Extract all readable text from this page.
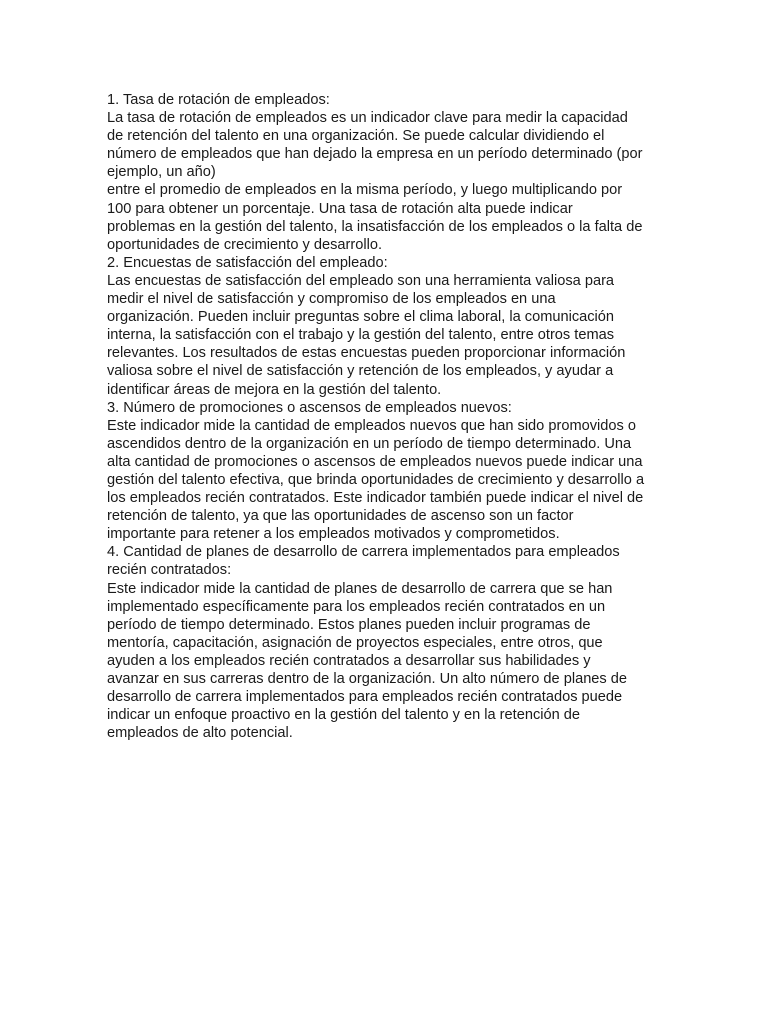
1. Tasa de rotación de empleados:
La tasa de rotación de empleados es un indicador clave para medir la capacidad
de retención del talento en una organización. Se puede calcular dividiendo el
número de empleados que han dejado la empresa en un período determinado (por
ejemplo, un año)
entre el promedio de empleados en la misma período, y luego multiplicando por
100 para obtener un porcentaje. Una tasa de rotación alta puede indicar
problemas en la gestión del talento, la insatisfacción de los empleados o la falta de
oportunidades de crecimiento y desarrollo.
2. Encuestas de satisfacción del empleado:
Las encuestas de satisfacción del empleado son una herramienta valiosa para
medir el nivel de satisfacción y compromiso de los empleados en una
organización. Pueden incluir preguntas sobre el clima laboral, la comunicación
interna, la satisfacción con el trabajo y la gestión del talento, entre otros temas
relevantes. Los resultados de estas encuestas pueden proporcionar información
valiosa sobre el nivel de satisfacción y retención de los empleados, y ayudar a
identificar áreas de mejora en la gestión del talento.
3. Número de promociones o ascensos de empleados nuevos:
Este indicador mide la cantidad de empleados nuevos que han sido promovidos o
ascendidos dentro de la organización en un período de tiempo determinado. Una
alta cantidad de promociones o ascensos de empleados nuevos puede indicar una
gestión del talento efectiva, que brinda oportunidades de crecimiento y desarrollo a
los empleados recién contratados. Este indicador también puede indicar el nivel de
retención de talento, ya que las oportunidades de ascenso son un factor
importante para retener a los empleados motivados y comprometidos.
4. Cantidad de planes de desarrollo de carrera implementados para empleados
recién contratados:
Este indicador mide la cantidad de planes de desarrollo de carrera que se han
implementado específicamente para los empleados recién contratados en un
período de tiempo determinado. Estos planes pueden incluir programas de
mentoría, capacitación, asignación de proyectos especiales, entre otros, que
ayuden a los empleados recién contratados a desarrollar sus habilidades y
avanzar en sus carreras dentro de la organización. Un alto número de planes de
desarrollo de carrera implementados para empleados recién contratados puede
indicar un enfoque proactivo en la gestión del talento y en la retención de
empleados de alto potencial.
